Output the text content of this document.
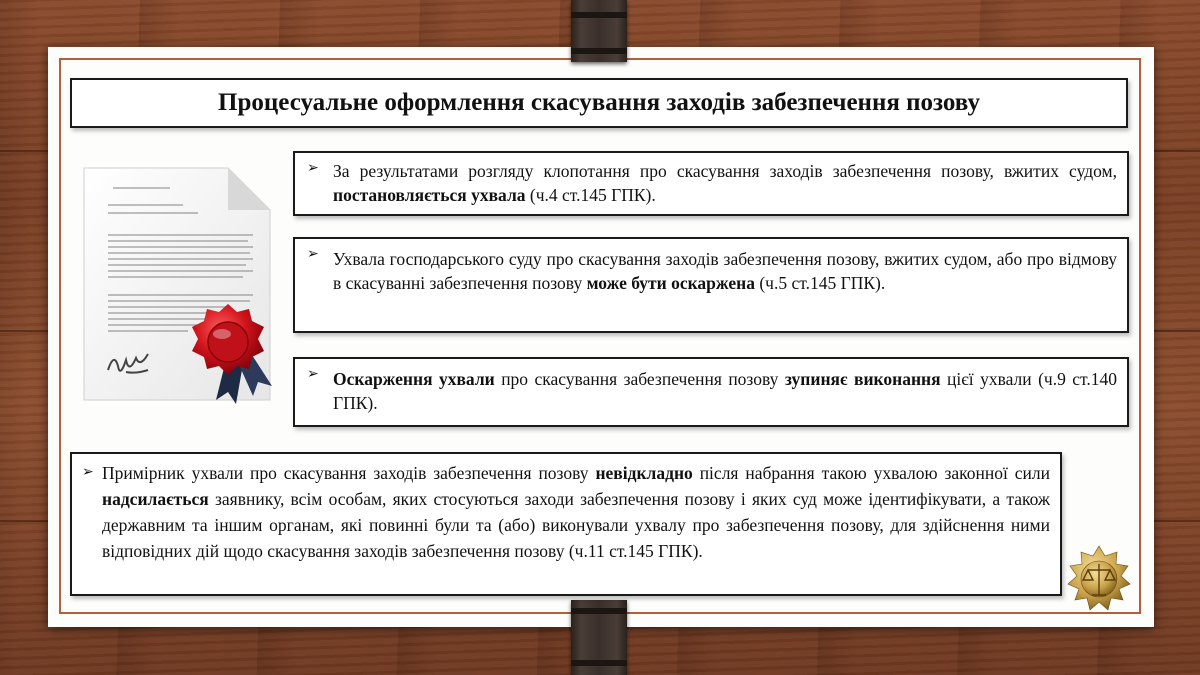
Процесуальне оформлення скасування заходів забезпечення позову
➢ За результатами розгляду клопотання про скасування заходів забезпечення позову, вжитих судом, постановляється ухвала (ч.4 ст.145 ГПК).
➢ Ухвала господарського суду про скасування заходів забезпечення позову, вжитих судом, або про відмову в скасуванні забезпечення позову може бути оскаржена (ч.5 ст.145 ГПК).
➢ Оскарження ухвали про скасування забезпечення позову зупиняє виконання цієї ухвали (ч.9 ст.140 ГПК).
➢ Примірник ухвали про скасування заходів забезпечення позову невідкладно після набрання такою ухвалою законної сили надсилається заявнику, всім особам, яких стосуються заходи забезпечення позову і яких суд може ідентифікувати, а також державним та іншим органам, які повинні були та (або) виконували ухвалу про забезпечення позову, для здійснення ними відповідних дій щодо скасування заходів забезпечення позову (ч.11 ст.145 ГПК).
